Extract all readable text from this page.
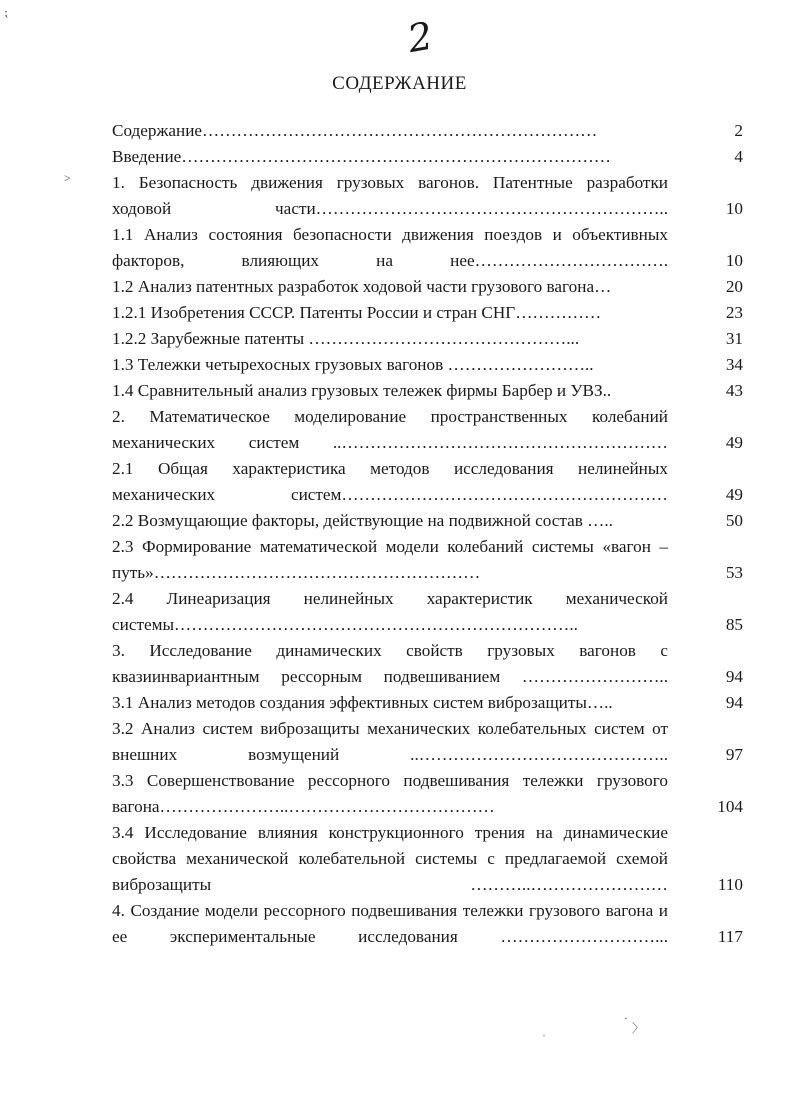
2
СОДЕРЖАНИЕ
Содержание……………………………………………………………	2
Введение…………………………………………………………………	4
1. Безопасность движения грузовых вагонов. Патентные разработки ходовой части……………………………………………………..	10
1.1 Анализ состояния безопасности движения поездов и объективных факторов, влияющих на нее…………………………….	10
1.2 Анализ патентных разработок ходовой части грузового вагона…	20
1.2.1 Изобретения СССР. Патенты России и стран СНГ……………	23
1.2.2 Зарубежные патенты ………………………………………...	31
1.3 Тележки четырехосных грузовых вагонов ……………………..	34
1.4 Сравнительный анализ грузовых тележек фирмы Барбер и УВЗ..	43
2. Математическое моделирование пространственных колебаний механических систем ..…………………………………………………	49
2.1 Общая характеристика методов исследования нелинейных механических систем…………………………………………………	49
2.2 Возмущающие факторы, действующие на подвижной состав …..	50
2.3 Формирование математической модели колебаний системы «вагон – путь»…………………………………………………	53
2.4 Линеаризация нелинейных характеристик механической системы……………………………………………………………..	85
3. Исследование динамических свойств грузовых вагонов с квазиинвариантным рессорным подвешиванием ……………………..	94
3.1 Анализ методов создания эффективных систем виброзащиты…..	94
3.2 Анализ систем виброзащиты механических колебательных систем от внешних возмущений ..……………………………………..	97
3.3 Совершенствование рессорного подвешивания тележки грузового вагона…………………..………………………………	104
3.4 Исследование влияния конструкционного трения на динамические свойства механической колебательной системы с предлагаемой схемой виброзащиты ………..……………………	110
4. Создание модели рессорного подвешивания тележки грузового вагона и ее экспериментальные исследования ………………………...	117
⁏
˃
·
〉
ˌ
